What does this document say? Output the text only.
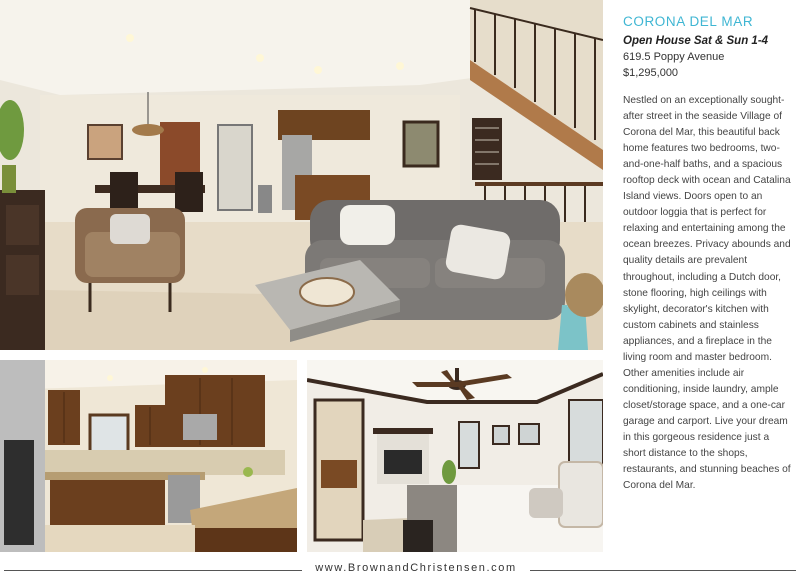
CORONA DEL MAR
Open House Sat & Sun 1-4
619.5 Poppy Avenue
$1,295,000

Nestled on an exceptionally sought-after street in the seaside Village of Corona del Mar, this beautiful back home features two bedrooms, two-and-one-half baths, and a spacious rooftop deck with ocean and Catalina Island views. Doors open to an outdoor loggia that is perfect for relaxing and entertaining among the ocean breezes. Privacy abounds and quality details are prevalent throughout, including a Dutch door, stone flooring, high ceilings with skylight, decorator's kitchen with custom cabinets and stainless appliances, and a fireplace in the living room and master bedroom. Other amenities include air conditioning, inside laundry, ample closet/storage space, and a one-car garage and carport. Live your dream in this gorgeous residence just a short distance to the shops, restaurants, and stunning beaches of Corona del Mar.

www.BrownandChristensen.com
